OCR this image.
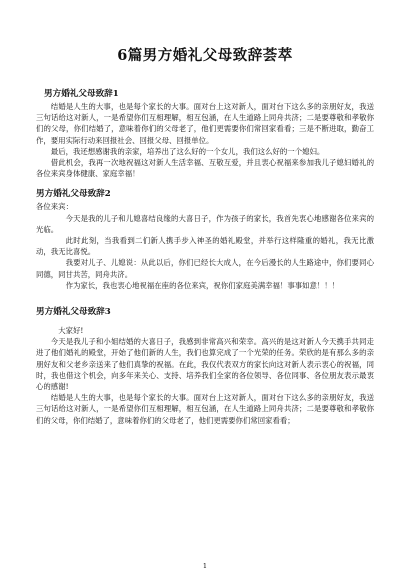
6篇男方婚礼父母致辞荟萃
男方婚礼父母致辞1

结婚是人生的大事，也是每个家长的大事。面对台上这对新人，面对台下这么多的亲朋好友，我送三句话给这对新人，一是希望你们互相理解，相互包涵，在人生道路上同舟共济；二是要尊敬和孝敬你们的父母，你们结婚了，意味着你们的父母老了，他们更需要你们常回家看看；三是不断进取，勤奋工作，要用实际行动来回报社会、回报父母、回报单位。

最后，我还想感谢我的亲家，培养出了这么好的一个女儿，我们这么好的一个媳妇。

借此机会，我再一次地祝福这对新人生活幸福、互敬互爱，并且衷心祝福来参加我儿子媳妇婚礼的各位来宾身体健康、家庭幸福！

男方婚礼父母致辞2

各位来宾：

今天是我的儿子和儿媳喜结良缘的大喜日子，作为孩子的家长，我首先衷心地感谢各位来宾的光临。

此时此刻，当我看到二们新人携手步入神圣的婚礼殿堂，并举行这样隆重的婚礼，我无比激动，我无比喜悦。

我要对儿子、儿媳说：从此以后，你们已经长大成人，在今后漫长的人生路途中，你们要同心同德，同甘共苦，同舟共济。

作为家长，我也衷心地祝福在座的各位来宾，祝你们家庭美满幸福！事事如意！！！

男方婚礼父母致辞3

大家好!

今天是我儿子和小姐结婚的大喜日子，我感到非常高兴和荣幸。高兴的是这对新人今天携手共同走进了他们婚礼的殿堂，开始了他们新的人生，我们也算完成了一个光荣的任务。荣欣的是有那么多的亲朋好友和父老乡亲送来了他们真挚的祝福。在此，我仅代表双方的家长向这对新人表示衷心的祝福，同时，我也借这个机会，向多年来关心、支持、培养我们全家的各位领导、各位同事、各位朋友表示最衷心的感谢!

结婚是人生的大事，也是每个家长的大事。面对台上这对新人，面对台下这么多的亲朋好友，我送三句话给这对新人，一是希望你们互相理解，相互包涵，在人生道路上同舟共济；二是要尊敬和孝敬你们的父母，你们结婚了，意味着你们的父母老了，他们更需要你们常回家看看；

1
